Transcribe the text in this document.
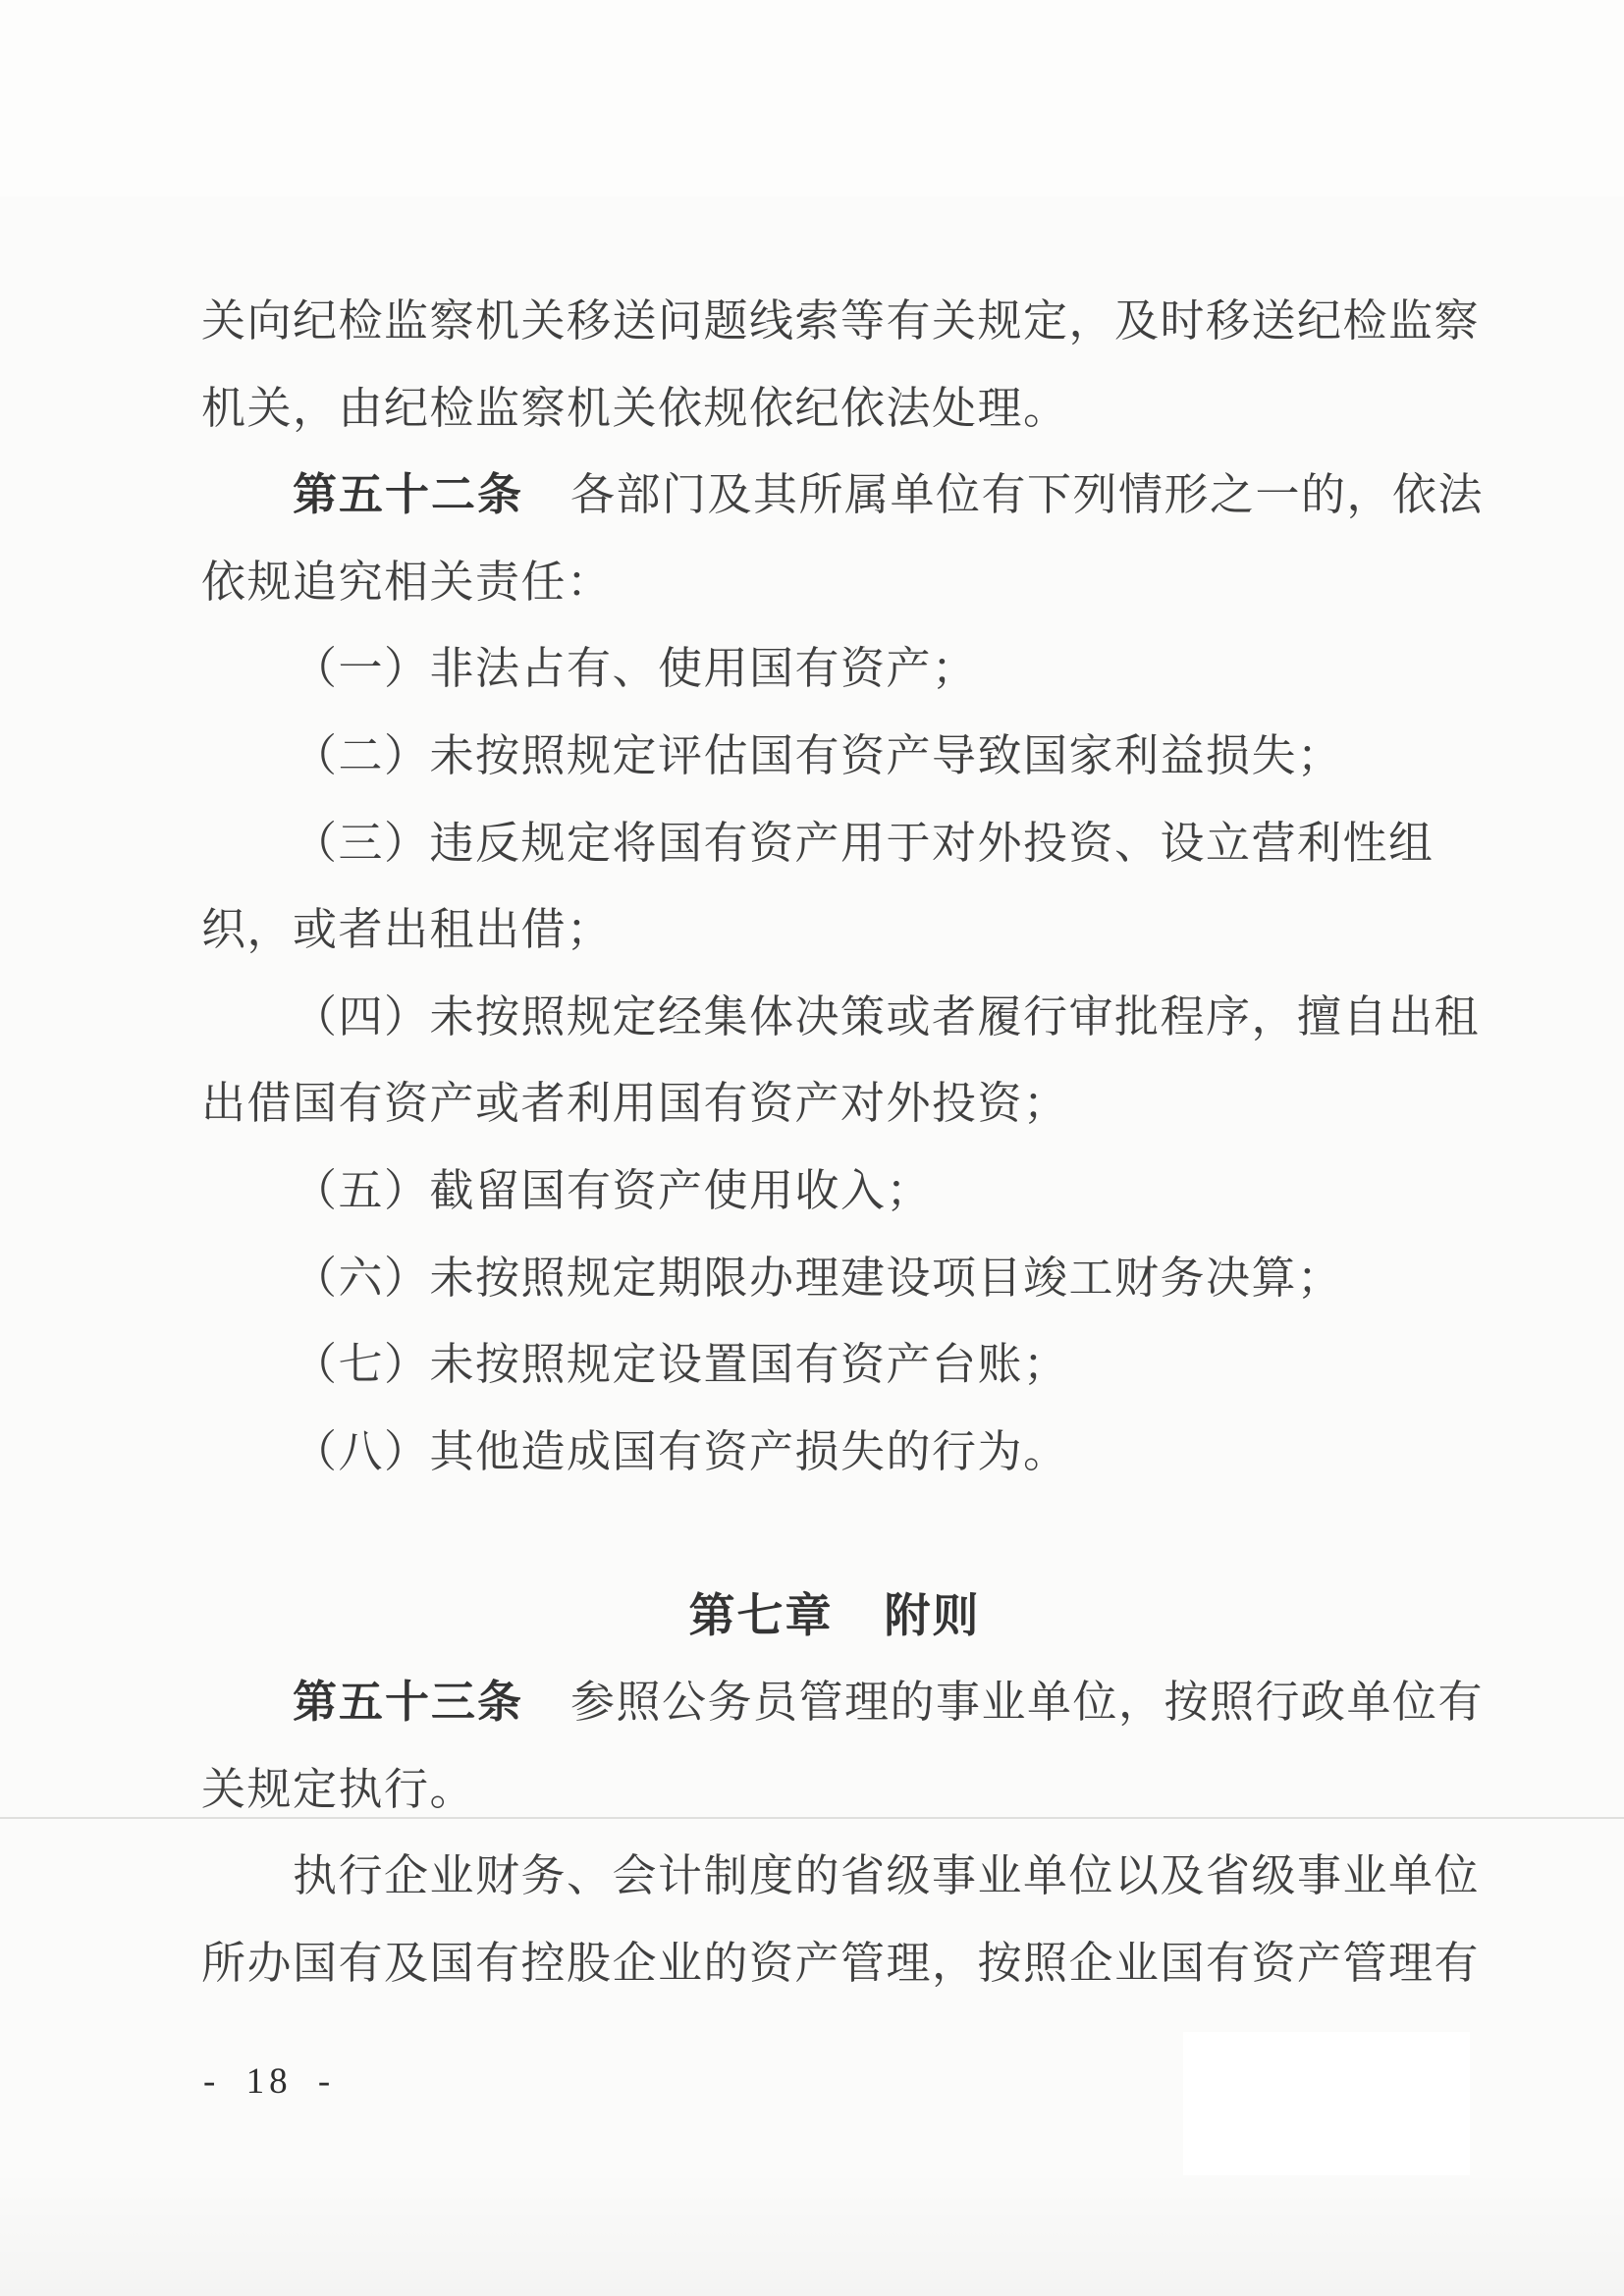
关向纪检监察机关移送问题线索等有关规定，及时移送纪检监察
机关，由纪检监察机关依规依纪依法处理。
第五十二条 各部门及其所属单位有下列情形之一的，依法
依规追究相关责任：
（一）非法占有、使用国有资产；
（二）未按照规定评估国有资产导致国家利益损失；
（三）违反规定将国有资产用于对外投资、设立营利性组
织，或者出租出借；
（四）未按照规定经集体决策或者履行审批程序，擅自出租
出借国有资产或者利用国有资产对外投资；
（五）截留国有资产使用收入；
（六）未按照规定期限办理建设项目竣工财务决算；
（七）未按照规定设置国有资产台账；
（八）其他造成国有资产损失的行为。
第七章 附则
第五十三条 参照公务员管理的事业单位，按照行政单位有
关规定执行。
执行企业财务、会计制度的省级事业单位以及省级事业单位
所办国有及国有控股企业的资产管理，按照企业国有资产管理有
- 18 -
